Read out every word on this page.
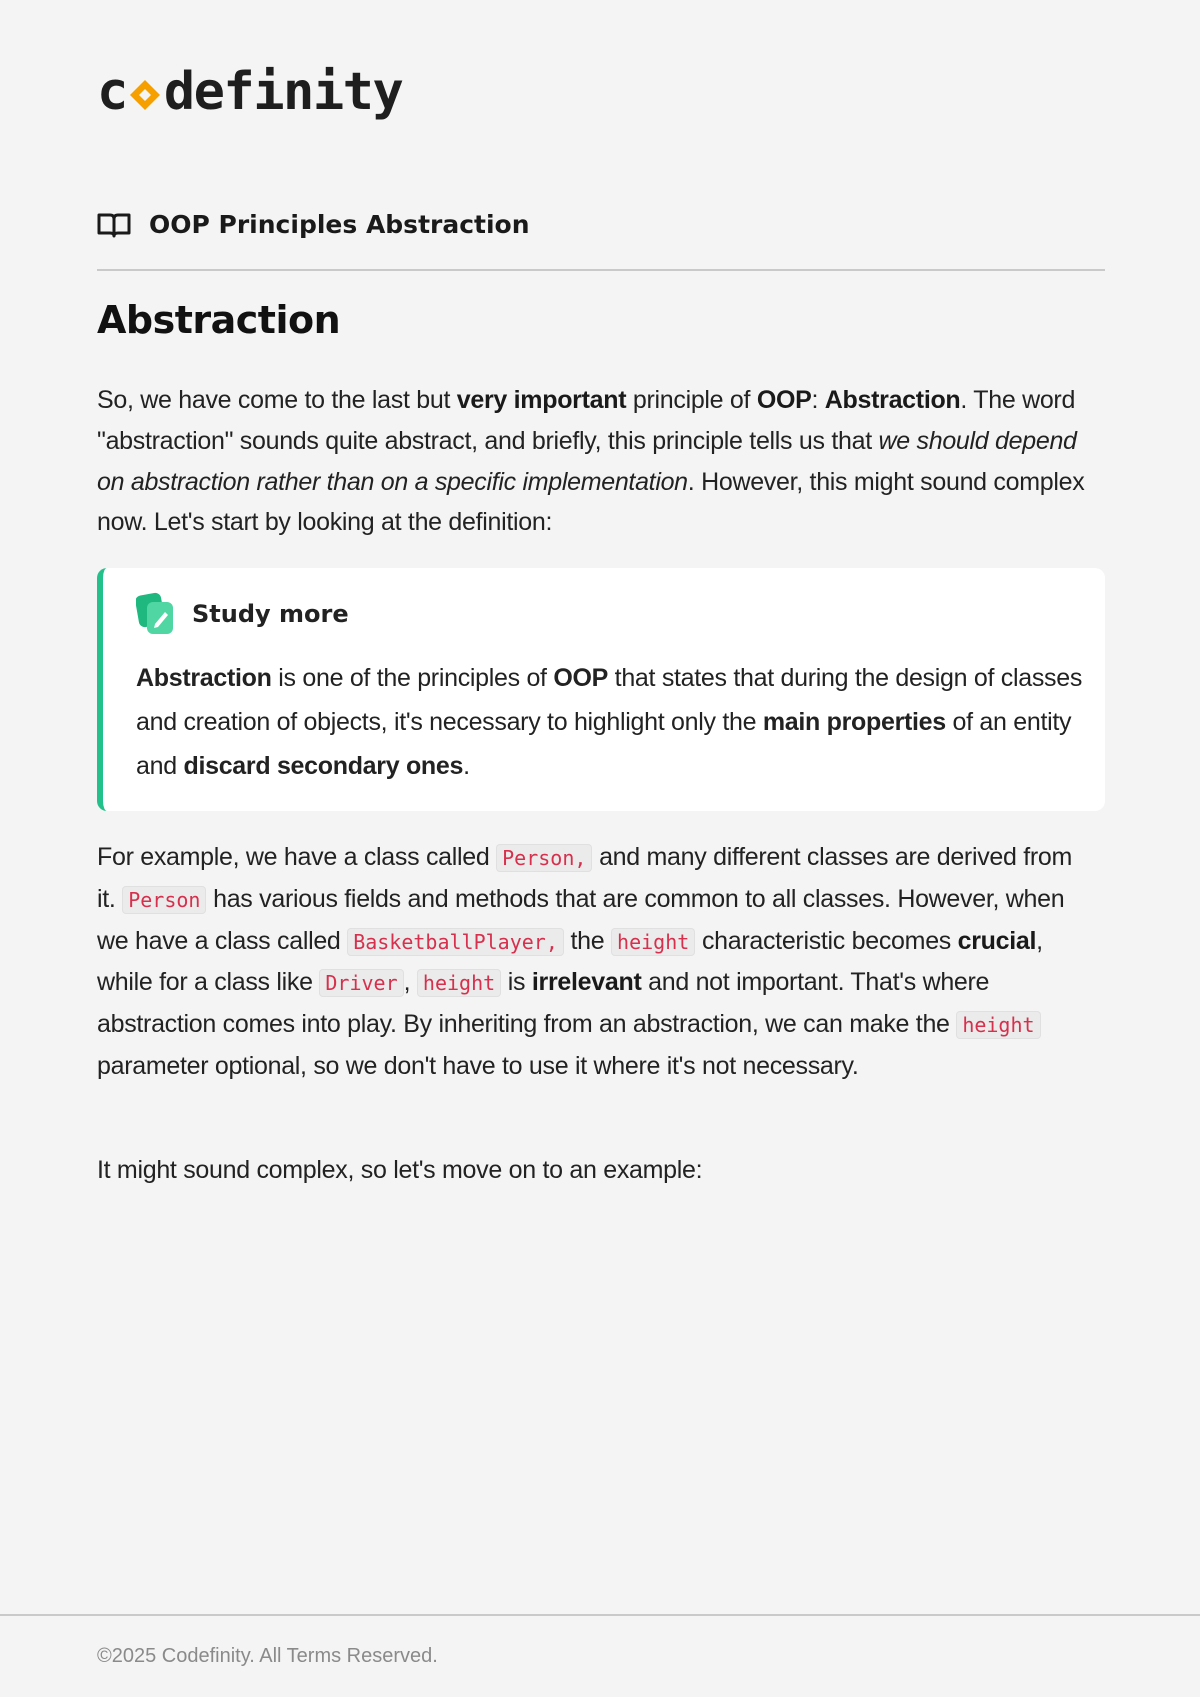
c definity
OOP Principles Abstraction
Abstraction

So, we have come to the last but very important principle of OOP: Abstraction. The word "abstraction" sounds quite abstract, and briefly, this principle tells us that we should depend on abstraction rather than on a specific implementation. However, this might sound complex now. Let's start by looking at the definition:

Study more
Abstraction is one of the principles of OOP that states that during the design of classes and creation of objects, it's necessary to highlight only the main properties of an entity and discard secondary ones.

For example, we have a class called Person, and many different classes are derived from it. Person has various fields and methods that are common to all classes. However, when we have a class called BasketballPlayer, the height characteristic becomes crucial, while for a class like Driver , height is irrelevant and not important. That's where abstraction comes into play. By inheriting from an abstraction, we can make the height parameter optional, so we don't have to use it where it's not necessary.

It might sound complex, so let's move on to an example:

©2025 Codefinity. All Terms Reserved.
